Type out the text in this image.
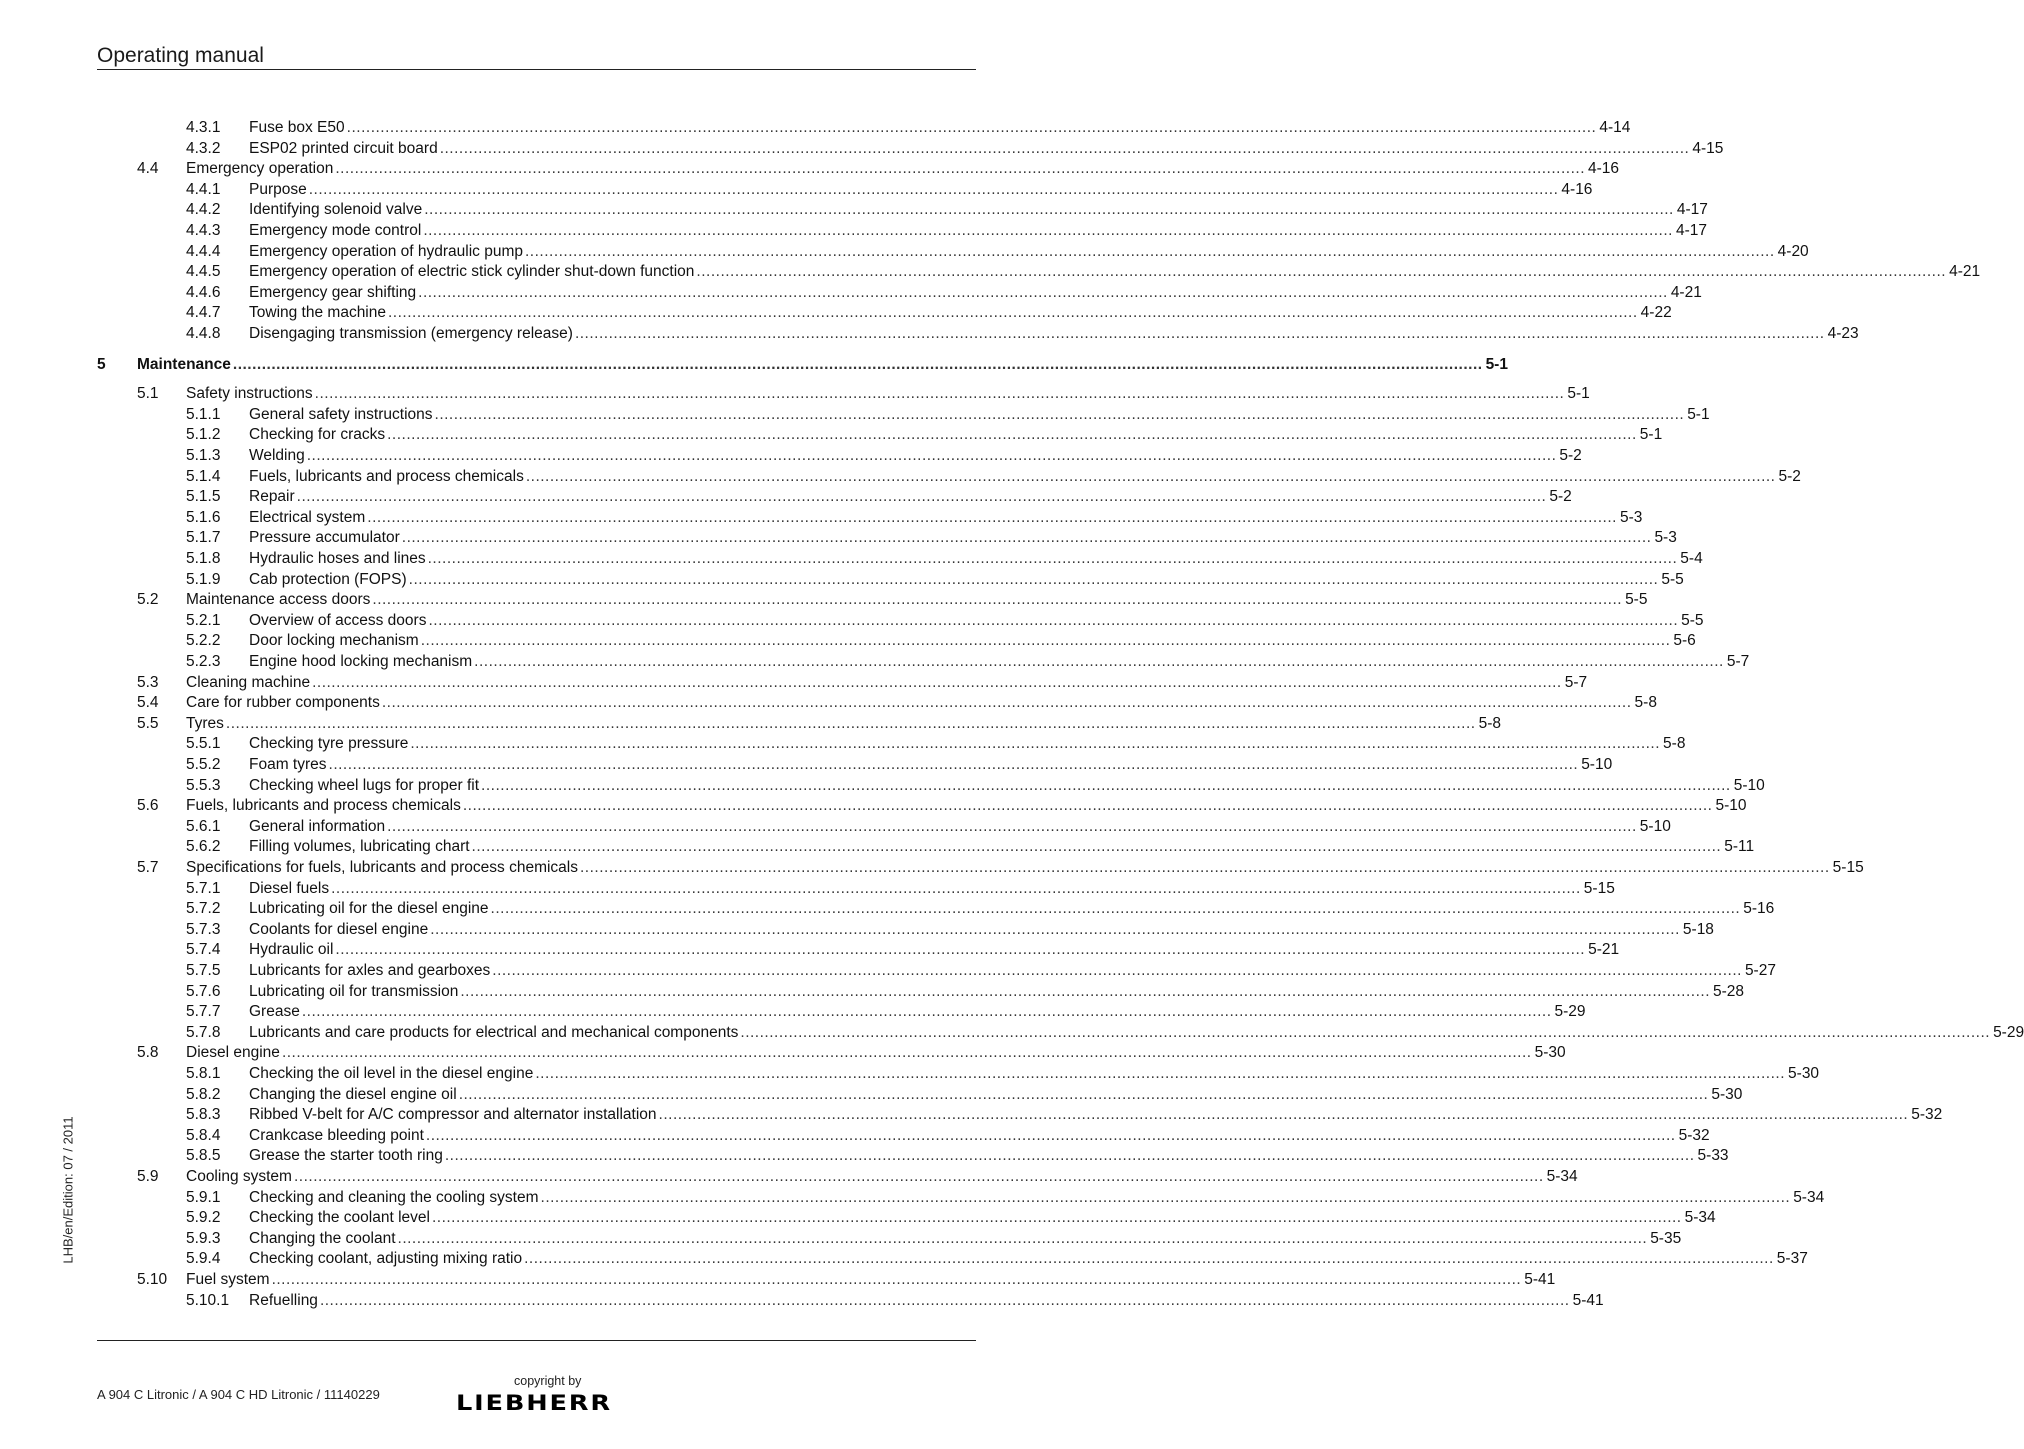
Operating manual
4.3.1 Fuse box E50 .................................................................................................................................................................................................................................................................... 4-14
4.3.2 ESP02 printed circuit board .................................................................................................................................................................................................................................................................... 4-15
4.4 Emergency operation .................................................................................................................................................................................................................................................................... 4-16
4.4.1 Purpose .................................................................................................................................................................................................................................................................... 4-16
4.4.2 Identifying solenoid valve .................................................................................................................................................................................................................................................................... 4-17
4.4.3 Emergency mode control .................................................................................................................................................................................................................................................................... 4-17
4.4.4 Emergency operation of hydraulic pump .................................................................................................................................................................................................................................................................... 4-20
4.4.5 Emergency operation of electric stick cylinder shut-down function .................................................................................................................................................................................................................................................................... 4-21
4.4.6 Emergency gear shifting .................................................................................................................................................................................................................................................................... 4-21
4.4.7 Towing the machine .................................................................................................................................................................................................................................................................... 4-22
4.4.8 Disengaging transmission (emergency release) .................................................................................................................................................................................................................................................................... 4-23
5 Maintenance .................................................................................................................................................................................................................................................................... 5-1
5.1 Safety instructions .................................................................................................................................................................................................................................................................... 5-1
5.1.1 General safety instructions .................................................................................................................................................................................................................................................................... 5-1
5.1.2 Checking for cracks .................................................................................................................................................................................................................................................................... 5-1
5.1.3 Welding .................................................................................................................................................................................................................................................................... 5-2
5.1.4 Fuels, lubricants and process chemicals .................................................................................................................................................................................................................................................................... 5-2
5.1.5 Repair .................................................................................................................................................................................................................................................................... 5-2
5.1.6 Electrical system .................................................................................................................................................................................................................................................................... 5-3
5.1.7 Pressure accumulator .................................................................................................................................................................................................................................................................... 5-3
5.1.8 Hydraulic hoses and lines .................................................................................................................................................................................................................................................................... 5-4
5.1.9 Cab protection (FOPS) .................................................................................................................................................................................................................................................................... 5-5
5.2 Maintenance access doors .................................................................................................................................................................................................................................................................... 5-5
5.2.1 Overview of access doors .................................................................................................................................................................................................................................................................... 5-5
5.2.2 Door locking mechanism .................................................................................................................................................................................................................................................................... 5-6
5.2.3 Engine hood locking mechanism .................................................................................................................................................................................................................................................................... 5-7
5.3 Cleaning machine .................................................................................................................................................................................................................................................................... 5-7
5.4 Care for rubber components .................................................................................................................................................................................................................................................................... 5-8
5.5 Tyres .................................................................................................................................................................................................................................................................... 5-8
5.5.1 Checking tyre pressure .................................................................................................................................................................................................................................................................... 5-8
5.5.2 Foam tyres .................................................................................................................................................................................................................................................................... 5-10
5.5.3 Checking wheel lugs for proper fit .................................................................................................................................................................................................................................................................... 5-10
5.6 Fuels, lubricants and process chemicals .................................................................................................................................................................................................................................................................... 5-10
5.6.1 General information .................................................................................................................................................................................................................................................................... 5-10
5.6.2 Filling volumes, lubricating chart .................................................................................................................................................................................................................................................................... 5-11
5.7 Specifications for fuels, lubricants and process chemicals .................................................................................................................................................................................................................................................................... 5-15
5.7.1 Diesel fuels .................................................................................................................................................................................................................................................................... 5-15
5.7.2 Lubricating oil for the diesel engine .................................................................................................................................................................................................................................................................... 5-16
5.7.3 Coolants for diesel engine .................................................................................................................................................................................................................................................................... 5-18
5.7.4 Hydraulic oil .................................................................................................................................................................................................................................................................... 5-21
5.7.5 Lubricants for axles and gearboxes .................................................................................................................................................................................................................................................................... 5-27
5.7.6 Lubricating oil for transmission .................................................................................................................................................................................................................................................................... 5-28
5.7.7 Grease .................................................................................................................................................................................................................................................................... 5-29
5.7.8 Lubricants and care products for electrical and mechanical components .................................................................................................................................................................................................................................................................... 5-29
5.8 Diesel engine .................................................................................................................................................................................................................................................................... 5-30
5.8.1 Checking the oil level in the diesel engine .................................................................................................................................................................................................................................................................... 5-30
5.8.2 Changing the diesel engine oil .................................................................................................................................................................................................................................................................... 5-30
5.8.3 Ribbed V-belt for A/C compressor and alternator installation .................................................................................................................................................................................................................................................................... 5-32
5.8.4 Crankcase bleeding point .................................................................................................................................................................................................................................................................... 5-32
5.8.5 Grease the starter tooth ring .................................................................................................................................................................................................................................................................... 5-33
5.9 Cooling system .................................................................................................................................................................................................................................................................... 5-34
5.9.1 Checking and cleaning the cooling system .................................................................................................................................................................................................................................................................... 5-34
5.9.2 Checking the coolant level .................................................................................................................................................................................................................................................................... 5-34
5.9.3 Changing the coolant .................................................................................................................................................................................................................................................................... 5-35
5.9.4 Checking coolant, adjusting mixing ratio .................................................................................................................................................................................................................................................................... 5-37
5.10 Fuel system .................................................................................................................................................................................................................................................................... 5-41
5.10.1 Refuelling .................................................................................................................................................................................................................................................................... 5-41
LHB/en/Edition: 07 / 2011
A 904 C Litronic / A 904 C HD Litronic / 11140229
copyright by
LIEBHERR
